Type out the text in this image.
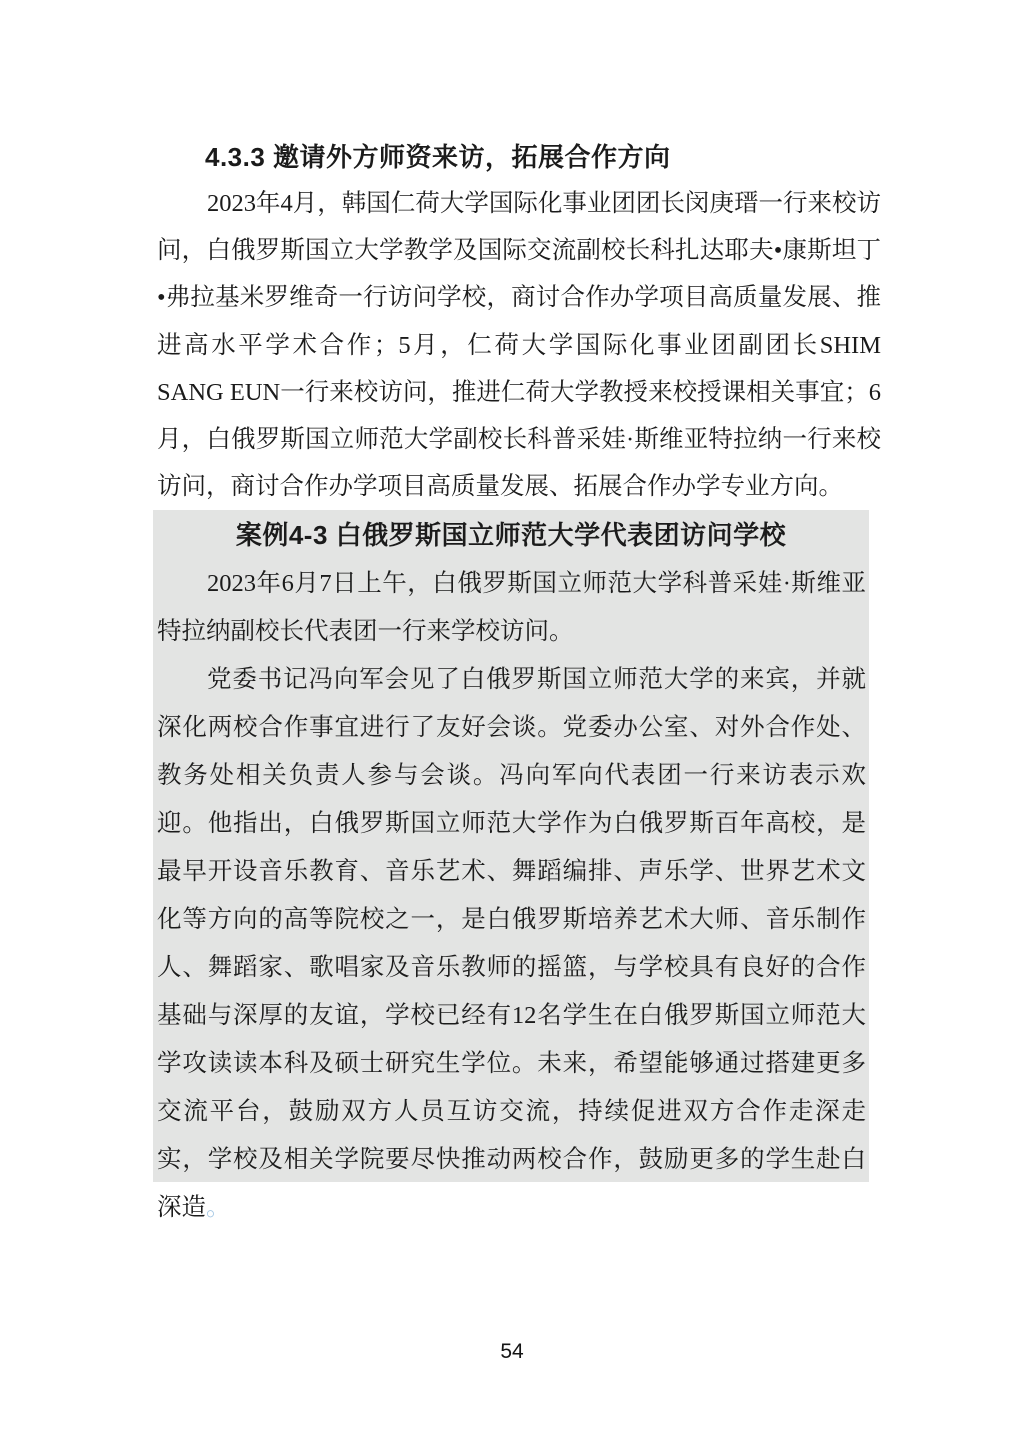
4.3.3 邀请外方师资来访，拓展合作方向

2023年4月，韩国仁荷大学国际化事业团团长闵庚瑨一行来校访问，白俄罗斯国立大学教学及国际交流副校长科扎达耶夫•康斯坦丁•弗拉基米罗维奇一行访问学校，商讨合作办学项目高质量发展、推进高水平学术合作；5月，仁荷大学国际化事业团副团长SHIM SANG EUN一行来校访问，推进仁荷大学教授来校授课相关事宜；6月，白俄罗斯国立师范大学副校长科普采娃·斯维亚特拉纳一行来校访问，商讨合作办学项目高质量发展、拓展合作办学专业方向。

案例4-3 白俄罗斯国立师范大学代表团访问学校

2023年6月7日上午，白俄罗斯国立师范大学科普采娃·斯维亚特拉纳副校长代表团一行来学校访问。

党委书记冯向军会见了白俄罗斯国立师范大学的来宾，并就深化两校合作事宜进行了友好会谈。党委办公室、对外合作处、教务处相关负责人参与会谈。冯向军向代表团一行来访表示欢迎。他指出，白俄罗斯国立师范大学作为白俄罗斯百年高校，是最早开设音乐教育、音乐艺术、舞蹈编排、声乐学、世界艺术文化等方向的高等院校之一，是白俄罗斯培养艺术大师、音乐制作人、舞蹈家、歌唱家及音乐教师的摇篮，与学校具有良好的合作基础与深厚的友谊，学校已经有12名学生在白俄罗斯国立师范大学攻读读本科及硕士研究生学位。未来，希望能够通过搭建更多交流平台，鼓励双方人员互访交流，持续促进双方合作走深走实，学校及相关学院要尽快推动两校合作，鼓励更多的学生赴白深造。

54
